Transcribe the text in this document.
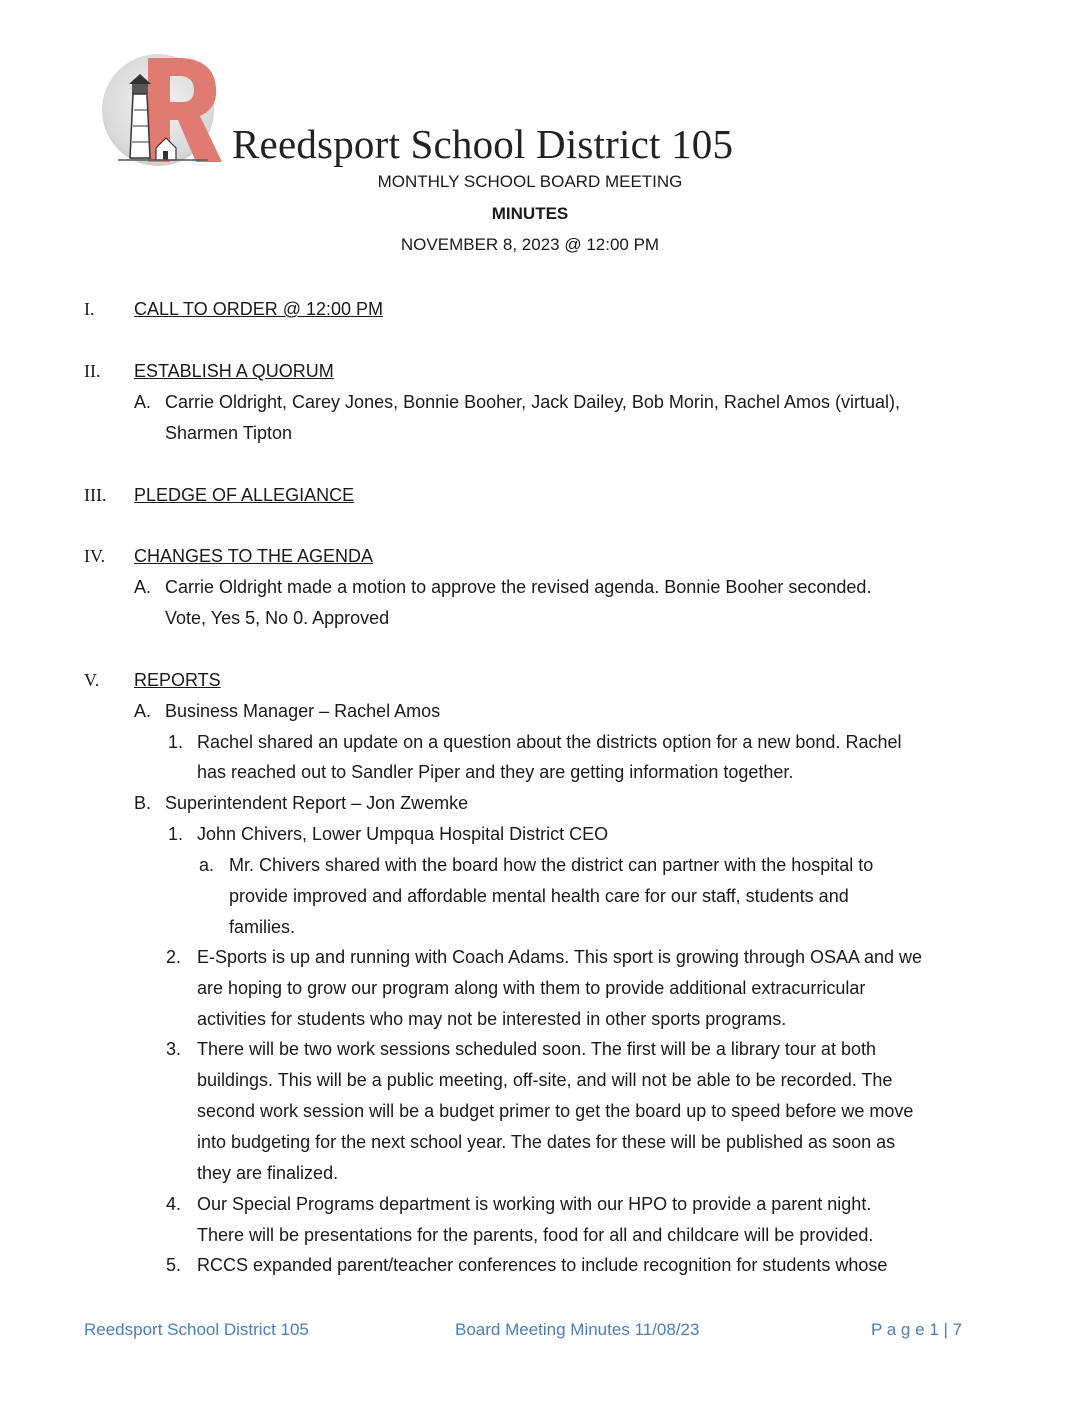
Reedsport School District 105
MONTHLY SCHOOL BOARD MEETING
MINUTES
NOVEMBER 8, 2023 @ 12:00 PM
I. CALL TO ORDER @ 12:00 PM
II. ESTABLISH A QUORUM
A. Carrie Oldright, Carey Jones, Bonnie Booher, Jack Dailey, Bob Morin, Rachel Amos (virtual),
Sharmen Tipton
III. PLEDGE OF ALLEGIANCE
IV. CHANGES TO THE AGENDA
A. Carrie Oldright made a motion to approve the revised agenda. Bonnie Booher seconded.
Vote, Yes 5, No 0. Approved
V. REPORTS
A. Business Manager – Rachel Amos
1. Rachel shared an update on a question about the districts option for a new bond. Rachel
has reached out to Sandler Piper and they are getting information together.
B. Superintendent Report – Jon Zwemke
1. John Chivers, Lower Umpqua Hospital District CEO
a. Mr. Chivers shared with the board how the district can partner with the hospital to
provide improved and affordable mental health care for our staff, students and
families.
2. E-Sports is up and running with Coach Adams. This sport is growing through OSAA and we
are hoping to grow our program along with them to provide additional extracurricular
activities for students who may not be interested in other sports programs.
3. There will be two work sessions scheduled soon. The first will be a library tour at both
buildings. This will be a public meeting, off-site, and will not be able to be recorded. The
second work session will be a budget primer to get the board up to speed before we move
into budgeting for the next school year. The dates for these will be published as soon as
they are finalized.
4. Our Special Programs department is working with our HPO to provide a parent night.
There will be presentations for the parents, food for all and childcare will be provided.
5. RCCS expanded parent/teacher conferences to include recognition for students whose
Reedsport School District 105	Board Meeting Minutes 11/08/23	P a g e 1 | 7
